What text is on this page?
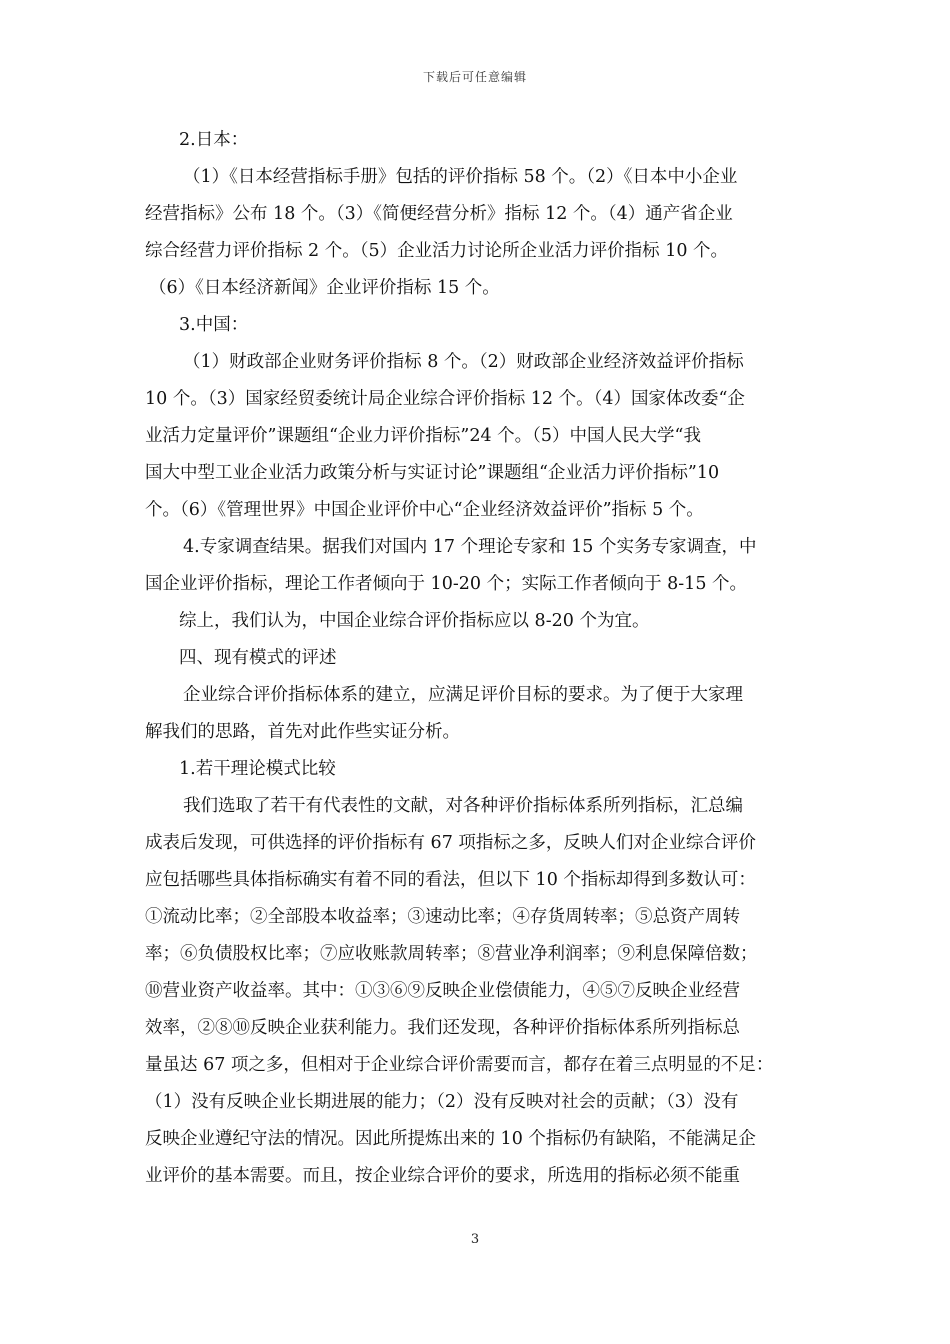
下载后可任意编辑
2.日本：
（1）《日本经营指标手册》包括的评价指标 58 个。（2）《日本中小企业
经营指标》公布 18 个。（3）《简便经营分析》指标 12 个。（4）通产省企业
综合经营力评价指标 2 个。（5）企业活力讨论所企业活力评价指标 10 个。
（6）《日本经济新闻》企业评价指标 15 个。
3.中国：
（1）财政部企业财务评价指标 8 个。（2）财政部企业经济效益评价指标
10 个。（3）国家经贸委统计局企业综合评价指标 12 个。（4）国家体改委“企
业活力定量评价”课题组“企业力评价指标”24 个。（5）中国人民大学“我
国大中型工业企业活力政策分析与实证讨论”课题组“企业活力评价指标”10
个。（6）《管理世界》中国企业评价中心“企业经济效益评价”指标 5 个。
4.专家调查结果。据我们对国内 17 个理论专家和 15 个实务专家调查，中
国企业评价指标，理论工作者倾向于 10-20 个；实际工作者倾向于 8-15 个。
综上，我们认为，中国企业综合评价指标应以 8-20 个为宜。
四、现有模式的评述
企业综合评价指标体系的建立，应满足评价目标的要求。为了便于大家理
解我们的思路，首先对此作些实证分析。
1.若干理论模式比较
我们选取了若干有代表性的文献，对各种评价指标体系所列指标，汇总编
成表后发现，可供选择的评价指标有 67 项指标之多，反映人们对企业综合评价
应包括哪些具体指标确实有着不同的看法，但以下 10 个指标却得到多数认可：
①流动比率；②全部股本收益率；③速动比率；④存货周转率；⑤总资产周转
率；⑥负债股权比率；⑦应收账款周转率；⑧营业净利润率；⑨利息保障倍数；
⑩营业资产收益率。其中：①③⑥⑨反映企业偿债能力，④⑤⑦反映企业经营
效率，②⑧⑩反映企业获利能力。我们还发现，各种评价指标体系所列指标总
量虽达 67 项之多，但相对于企业综合评价需要而言，都存在着三点明显的不足：
（1）没有反映企业长期进展的能力；（2）没有反映对社会的贡献；（3）没有
反映企业遵纪守法的情况。因此所提炼出来的 10 个指标仍有缺陷，不能满足企
业评价的基本需要。而且，按企业综合评价的要求，所选用的指标必须不能重
3
